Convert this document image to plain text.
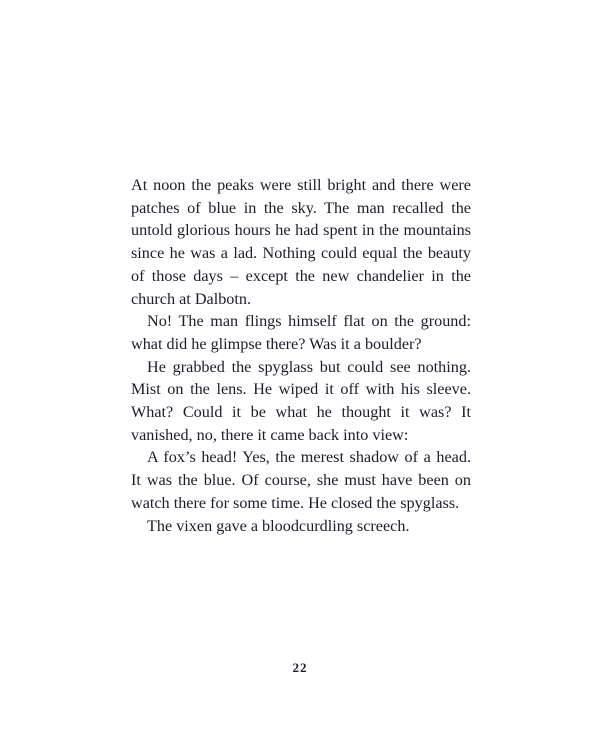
At noon the peaks were still bright and there were patches of blue in the sky. The man recalled the untold glorious hours he had spent in the mountains since he was a lad. Nothing could equal the beauty of those days – except the new chandelier in the church at Dalbotn.

No! The man flings himself flat on the ground: what did he glimpse there? Was it a boulder?

He grabbed the spyglass but could see nothing. Mist on the lens. He wiped it off with his sleeve. What? Could it be what he thought it was? It vanished, no, there it came back into view:

A fox’s head! Yes, the merest shadow of a head. It was the blue. Of course, she must have been on watch there for some time. He closed the spyglass.

The vixen gave a bloodcurdling screech.

22
